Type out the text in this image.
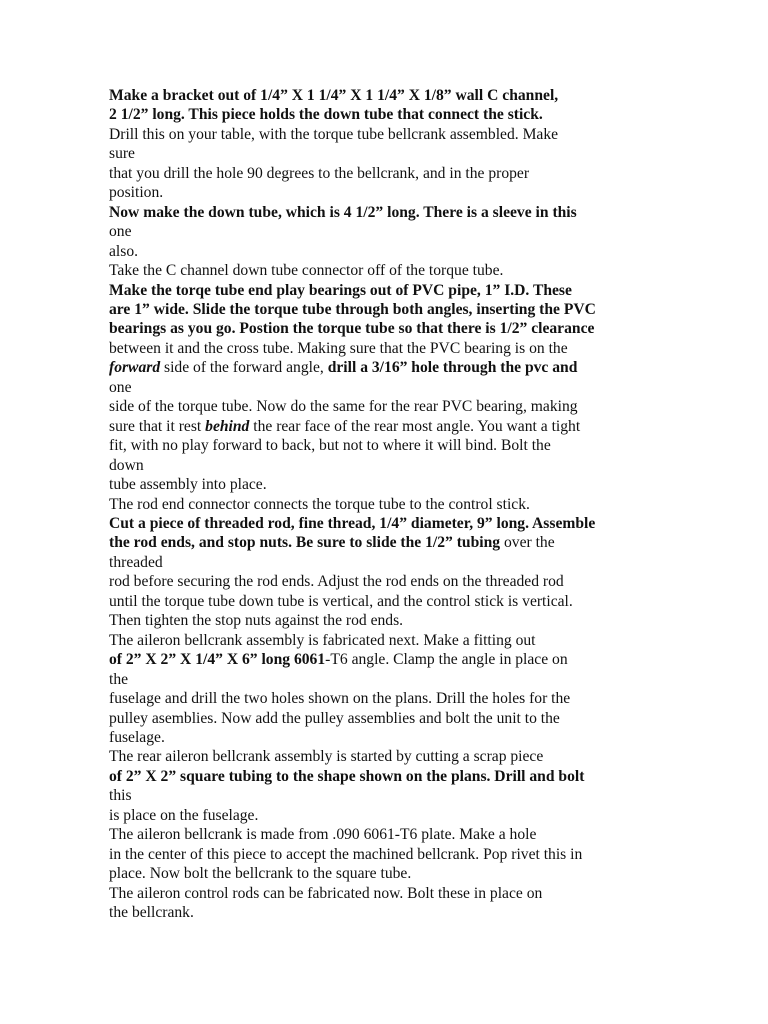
Make a bracket out of 1/4” X 1 1/4” X 1 1/4” X 1/8” wall C channel,
2 1/2” long. This piece holds the down tube that connect the stick.
Drill this on your table, with the torque tube bellcrank assembled. Make
sure
that you drill the hole 90 degrees to the bellcrank, and in the proper
position.
Now make the down tube, which is 4 1/2” long. There is a sleeve in this
one
also.
Take the C channel down tube connector off of the torque tube.
Make the torqe tube end play bearings out of PVC pipe, 1” I.D. These
are 1” wide. Slide the torque tube through both angles, inserting the PVC
bearings as you go. Postion the torque tube so that there is 1/2” clearance
between it and the cross tube. Making sure that the PVC bearing is on the
forward side of the forward angle, drill a 3/16” hole through the pvc and
one
side of the torque tube. Now do the same for the rear PVC bearing, making
sure that it rest behind the rear face of the rear most angle. You want a tight
fit, with no play forward to back, but not to where it will bind. Bolt the
down
tube assembly into place.
The rod end connector connects the torque tube to the control stick.
Cut a piece of threaded rod, fine thread, 1/4” diameter, 9” long. Assemble
the rod ends, and stop nuts. Be sure to slide the 1/2” tubing over the
threaded
rod before securing the rod ends. Adjust the rod ends on the threaded rod
until the torque tube down tube is vertical, and the control stick is vertical.
Then tighten the stop nuts against the rod ends.
The aileron bellcrank assembly is fabricated next. Make a fitting out
of 2” X 2” X 1/4” X 6” long 6061-T6 angle. Clamp the angle in place on
the
fuselage and drill the two holes shown on the plans. Drill the holes for the
pulley asemblies. Now add the pulley assemblies and bolt the unit to the
fuselage.
The rear aileron bellcrank assembly is started by cutting a scrap piece
of 2” X 2” square tubing to the shape shown on the plans. Drill and bolt
this
is place on the fuselage.
The aileron bellcrank is made from .090 6061-T6 plate. Make a hole
in the center of this piece to accept the machined bellcrank. Pop rivet this in
place. Now bolt the bellcrank to the square tube.
The aileron control rods can be fabricated now. Bolt these in place on
the bellcrank.
